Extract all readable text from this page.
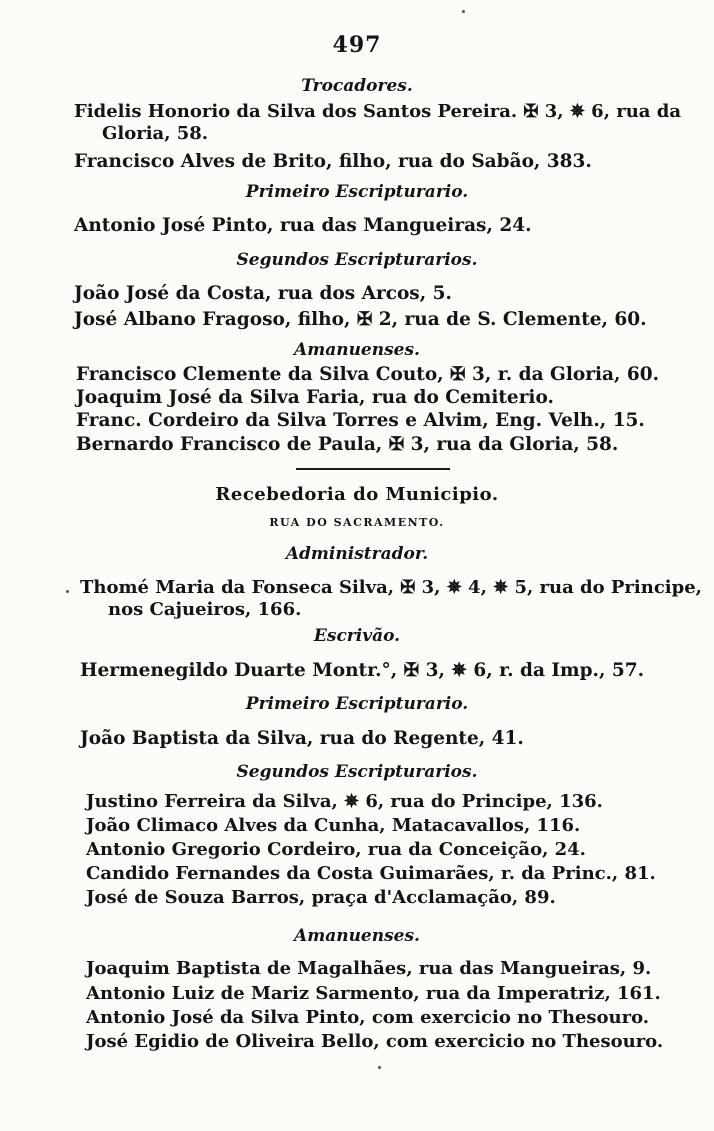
497
Trocadores.
Fidelis Honorio da Silva dos Santos Pereira. ✠ 3, ✵ 6, rua da Gloria, 58.
Francisco Alves de Brito, filho, rua do Sabão, 383.
Primeiro Escripturario.
Antonio José Pinto, rua das Mangueiras, 24.
Segundos Escripturarios.
João José da Costa, rua dos Arcos, 5.
José Albano Fragoso, filho, ✠ 2, rua de S. Clemente, 60.
Amanuenses.
Francisco Clemente da Silva Couto, ✠ 3, r. da Gloria, 60.
Joaquim José da Silva Faria, rua do Cemiterio.
Franc. Cordeiro da Silva Torres e Alvim, Eng. Velh., 15.
Bernardo Francisco de Paula, ✠ 3, rua da Gloria, 58.
Recebedoria do Municipio.
RUA DO SACRAMENTO.
Administrador.
Thomé Maria da Fonseca Silva, ✠ 3, ✵ 4, ✵ 5, rua do Principe, nos Cajueiros, 166.
Escrivão.
Hermenegildo Duarte Montr.°, ✠ 3, ✵ 6, r. da Imp., 57.
Primeiro Escripturario.
João Baptista da Silva, rua do Regente, 41.
Segundos Escripturarios.
Justino Ferreira da Silva, ✵ 6, rua do Principe, 136.
João Climaco Alves da Cunha, Matacavallos, 116.
Antonio Gregorio Cordeiro, rua da Conceição, 24.
Candido Fernandes da Costa Guimarães, r. da Princ., 81.
José de Souza Barros, praça d'Acclamação, 89.
Amanuenses.
Joaquim Baptista de Magalhães, rua das Mangueiras, 9.
Antonio Luiz de Mariz Sarmento, rua da Imperatriz, 161.
Antonio José da Silva Pinto, com exercicio no Thesouro.
José Egidio de Oliveira Bello, com exercicio no Thesouro.
